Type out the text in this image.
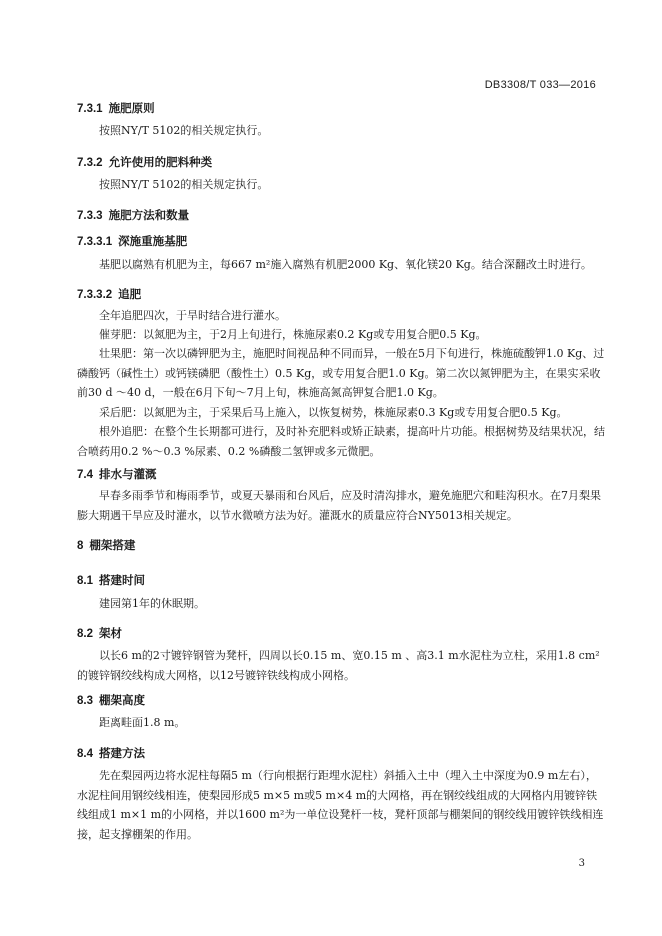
DB3308/T 033—2016
7.3.1 施肥原则
按照NY/T 5102的相关规定执行。
7.3.2 允许使用的肥料种类
按照NY/T 5102的相关规定执行。
7.3.3 施肥方法和数量
7.3.3.1 深施重施基肥
基肥以腐熟有机肥为主，每667 m²施入腐熟有机肥2000 Kg、氧化镁20 Kg。结合深翻改土时进行。
7.3.3.2 追肥
全年追肥四次，于旱时结合进行灌水。
催芽肥：以氮肥为主，于2月上旬进行，株施尿素0.2 Kg或专用复合肥0.5 Kg。
壮果肥：第一次以磷钾肥为主，施肥时间视品种不同而异，一般在5月下旬进行，株施硫酸钾1.0 Kg、过磷酸钙（碱性土）或钙镁磷肥（酸性土）0.5 Kg，或专用复合肥1.0 Kg。第二次以氮钾肥为主，在果实采收前30 d ～40 d，一般在6月下旬～7月上旬，株施高氮高钾复合肥1.0 Kg。
采后肥：以氮肥为主，于采果后马上施入，以恢复树势，株施尿素0.3 Kg或专用复合肥0.5 Kg。
根外追肥：在整个生长期都可进行，及时补充肥料或矫正缺素，提高叶片功能。根据树势及结果状况，结合喷药用0.2 %～0.3 %尿素、0.2 %磷酸二氢钾或多元微肥。
7.4 排水与灌溉
早春多雨季节和梅雨季节，或夏天暴雨和台风后，应及时清沟排水，避免施肥穴和畦沟积水。在7月梨果膨大期遇干旱应及时灌水，以节水微喷方法为好。灌溉水的质量应符合NY5013相关规定。
8 棚架搭建
8.1 搭建时间
建园第1年的休眠期。
8.2 架材
以长6 m的2寸镀锌钢管为凳杆，四周以长0.15 m、宽0.15 m 、高3.1 m水泥柱为立柱，采用1.8 cm²的镀锌钢绞线构成大网格，以12号镀锌铁线构成小网格。
8.3 棚架高度
距离畦面1.8 m。
8.4 搭建方法
先在梨园两边将水泥柱每隔5 m（行向根据行距埋水泥柱）斜插入土中（埋入土中深度为0.9 m左右），水泥柱间用钢绞线相连，使梨园形成5 m×5 m或5 m×4 m的大网格，再在钢绞线组成的大网格内用镀锌铁线组成1 m×1 m的小网格，并以1600 m²为一单位设凳杆一枝，凳杆顶部与棚架间的钢绞线用镀锌铁线相连接，起支撑棚架的作用。
3
